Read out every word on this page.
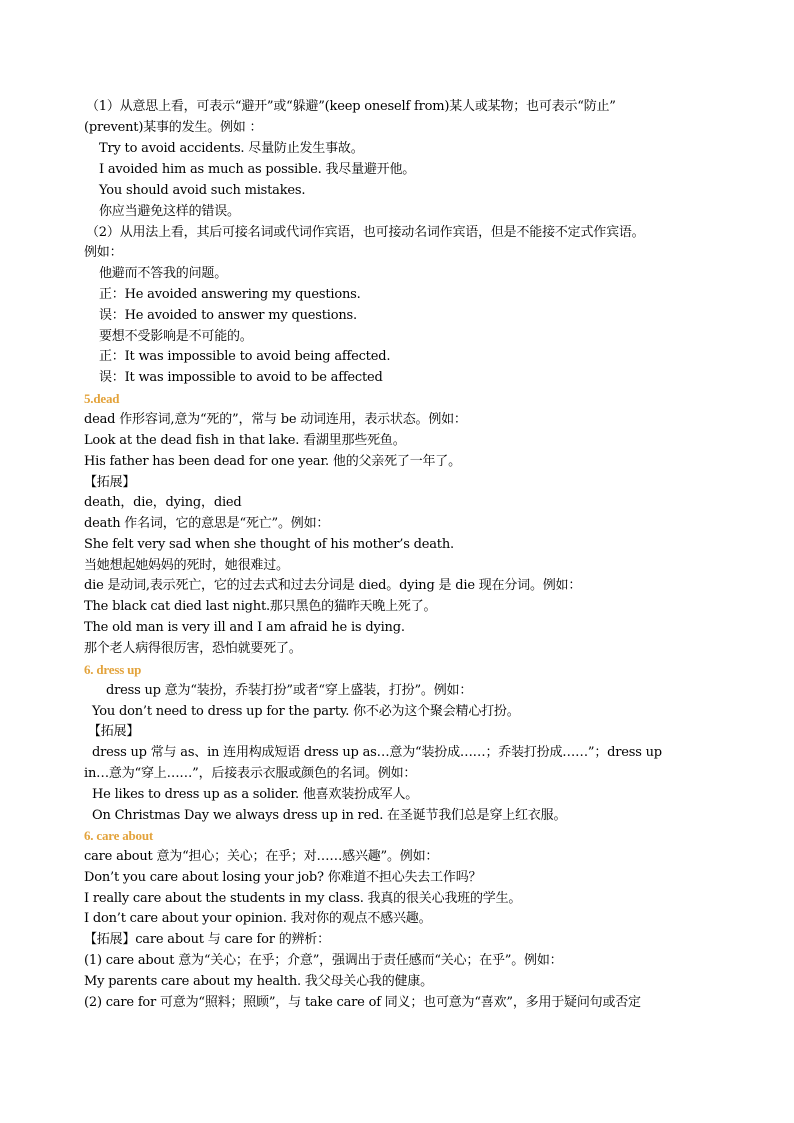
（1）从意思上看，可表示“避开”或“躲避”(keep oneself from)某人或某物；也可表示“防止”
(prevent)某事的发生。例如 ：
Try to avoid accidents. 尽量防止发生事故。
I avoided him as much as possible. 我尽量避开他。
You should avoid such mistakes.
你应当避免这样的错误。
（2）从用法上看，其后可接名词或代词作宾语，也可接动名词作宾语，但是不能接不定式作宾语。
例如：
他避而不答我的问题。
正：He avoided answering my questions.
误：He avoided to answer my questions.
要想不受影响是不可能的。
正：It was impossible to avoid being affected.
误：It was impossible to avoid to be affected
5.dead
dead 作形容词,意为“死的”，常与 be 动词连用，表示状态。例如：
Look at the dead fish in that lake. 看湖里那些死鱼。
His father has been dead for one year. 他的父亲死了一年了。
【拓展】
death，die，dying，died
death 作名词，它的意思是“死亡”。例如：
She felt very sad when she thought of his mother’s death.
当她想起她妈妈的死时，她很难过。
die 是动词,表示死亡，它的过去式和过去分词是 died。dying 是 die 现在分词。例如：
The black cat died last night.那只黑色的猫昨天晚上死了。
The old man is very ill and I am afraid he is dying.
那个老人病得很厉害，恐怕就要死了。
6. dress up
dress up 意为“装扮，乔装打扮”或者“穿上盛装，打扮”。例如：
You don’t need to dress up for the party. 你不必为这个聚会精心打扮。
【拓展】
dress up 常与 as、in 连用构成短语 dress up as…意为“装扮成……；乔装打扮成……”；dress up
in…意为“穿上……”，后接表示衣服或颜色的名词。例如：
He likes to dress up as a solider. 他喜欢装扮成军人。
On Christmas Day we always dress up in red. 在圣诞节我们总是穿上红衣服。
6. care about
care about 意为“担心；关心；在乎；对……感兴趣”。例如：
Don’t you care about losing your job? 你难道不担心失去工作吗？
I really care about the students in my class. 我真的很关心我班的学生。
I don’t care about your opinion. 我对你的观点不感兴趣。
【拓展】care about 与 care for 的辨析：
(1) care about 意为“关心；在乎；介意”，强调出于责任感而“关心；在乎”。例如：
My parents care about my health. 我父母关心我的健康。
(2) care for 可意为“照料；照顾”，与 take care of 同义；也可意为“喜欢”，多用于疑问句或否定
